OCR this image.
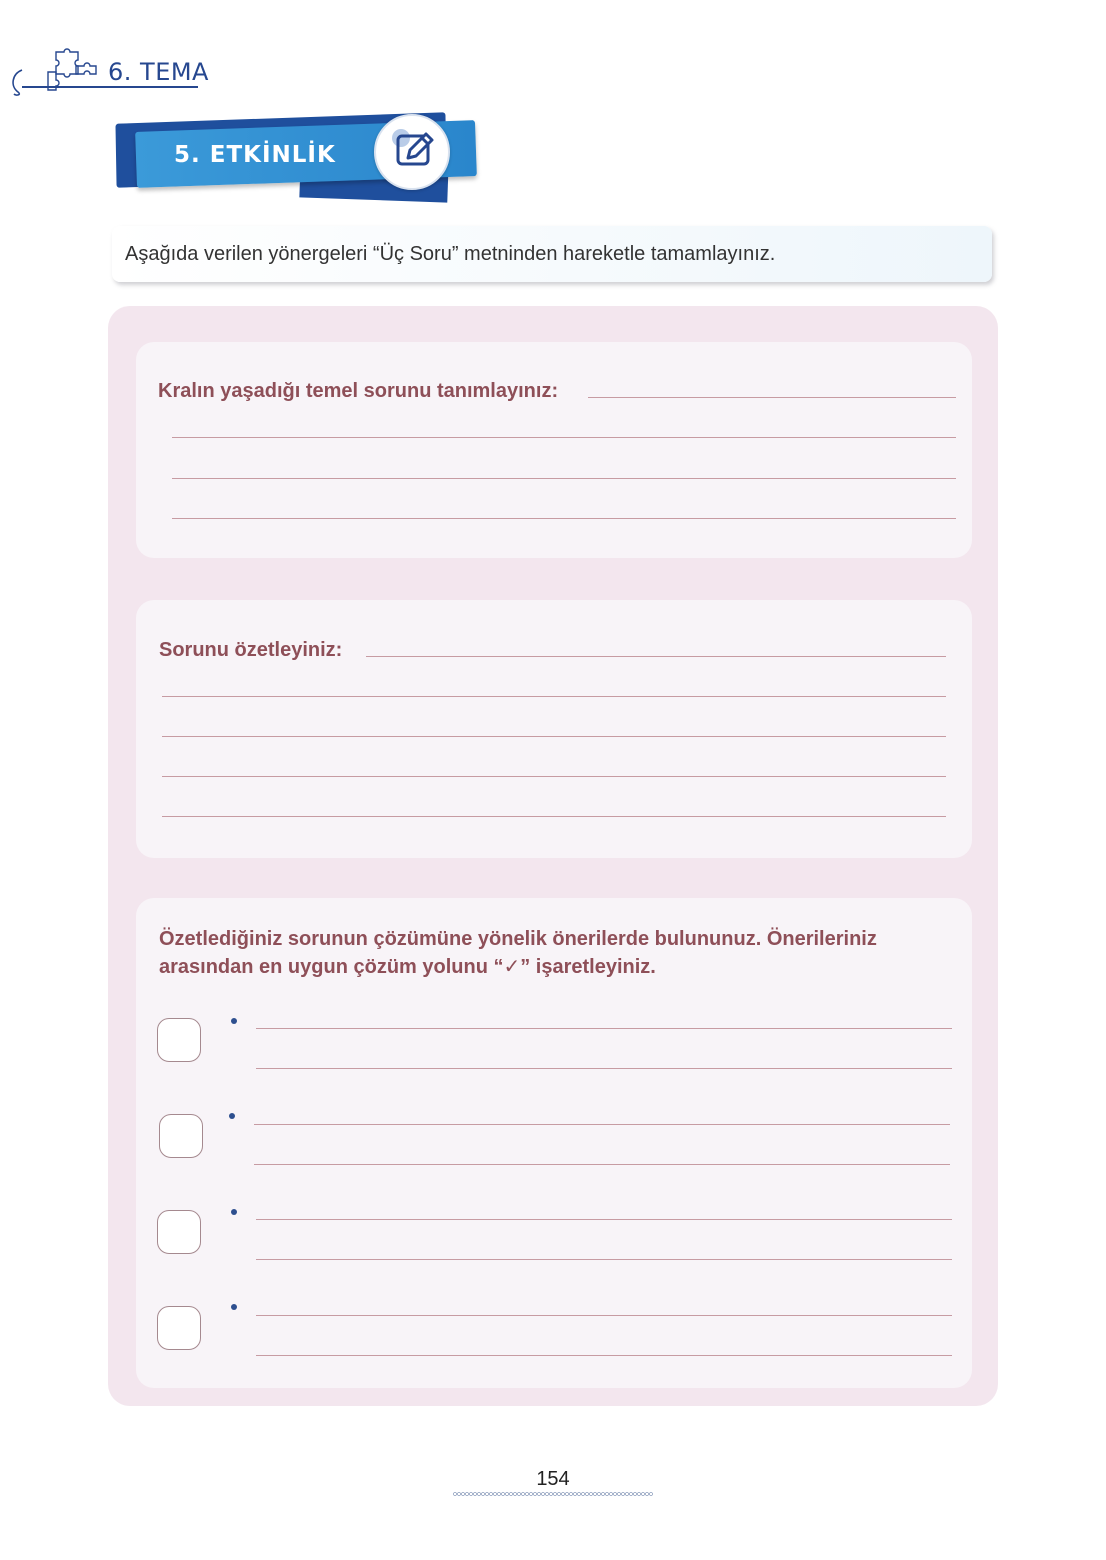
6. TEMA
5. ETKİNLİK
Aşağıda verilen yönergeleri “Üç Soru” metninden hareketle tamamlayınız.
Kralın yaşadığı temel sorunu tanımlayınız:
Sorunu özetleyiniz:
Özetlediğiniz sorunun çözümüne yönelik önerilerde bulununuz. Önerileriniz
arasından en uygun çözüm yolunu “✓” işaretleyiniz.
154
